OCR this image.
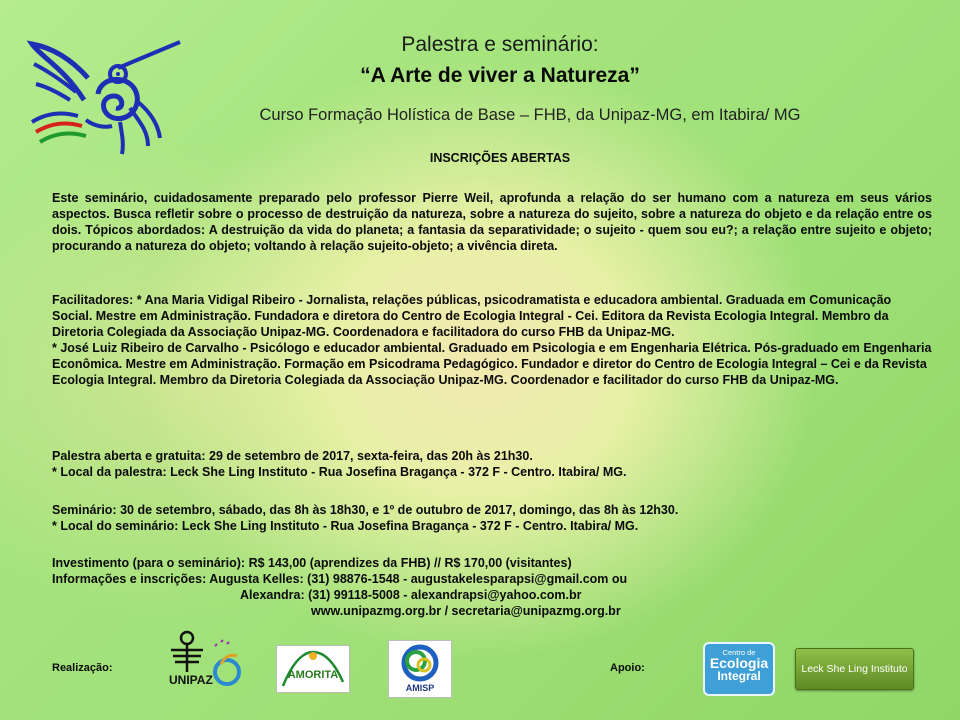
Palestra e seminário:
“A Arte de viver a Natureza”
Curso Formação Holística de Base – FHB, da Unipaz-MG, em Itabira/ MG
INSCRIÇÕES ABERTAS
Este seminário, cuidadosamente preparado pelo professor Pierre Weil, aprofunda a relação do ser humano com a natureza em seus vários aspectos. Busca refletir sobre o processo de destruição da natureza, sobre a natureza do sujeito, sobre a natureza do objeto e da relação entre os dois. Tópicos abordados: A destruição da vida do planeta; a fantasia da separatividade; o sujeito - quem sou eu?; a relação entre sujeito e objeto; procurando a natureza do objeto; voltando à relação sujeito-objeto; a vivência direta.
Facilitadores: * Ana Maria Vidigal Ribeiro - Jornalista, relações públicas, psicodramatista e educadora ambiental. Graduada em Comunicação Social. Mestre em Administração. Fundadora e diretora do Centro de Ecologia Integral - Cei. Editora da Revista Ecologia Integral. Membro da Diretoria Colegiada da Associação Unipaz-MG. Coordenadora e facilitadora do curso FHB da Unipaz-MG.
* José Luiz Ribeiro de Carvalho - Psicólogo e educador ambiental. Graduado em Psicologia e em Engenharia Elétrica. Pós-graduado em Engenharia Econômica. Mestre em Administração. Formação em Psicodrama Pedagógico. Fundador e diretor do Centro de Ecologia Integral – Cei e da Revista Ecologia Integral. Membro da Diretoria Colegiada da Associação Unipaz-MG. Coordenador e facilitador do curso FHB da Unipaz-MG.
Palestra aberta e gratuita: 29 de setembro de 2017, sexta-feira, das 20h às 21h30.
* Local da palestra: Leck She Ling Instituto - Rua Josefina Bragança - 372 F - Centro. Itabira/ MG.
Seminário: 30 de setembro, sábado, das 8h às 18h30, e 1º de outubro de 2017, domingo, das 8h às 12h30.
* Local do seminário: Leck She Ling Instituto - Rua Josefina Bragança - 372 F - Centro. Itabira/ MG.
Investimento (para o seminário): R$ 143,00 (aprendizes da FHB) // R$ 170,00 (visitantes)
Informações e inscrições: Augusta Kelles: (31) 98876-1548 - augustakelesparapsi@gmail.com ou
Alexandra: (31) 99118-5008 - alexandrapsi@yahoo.com.br
www.unipazmg.org.br / secretaria@unipazmg.org.br
Realização:
UNIPAZ	AMORITA
AMISP
Apoio:
Centro de
Ecologia
Integral
Leck She Ling Instituto
